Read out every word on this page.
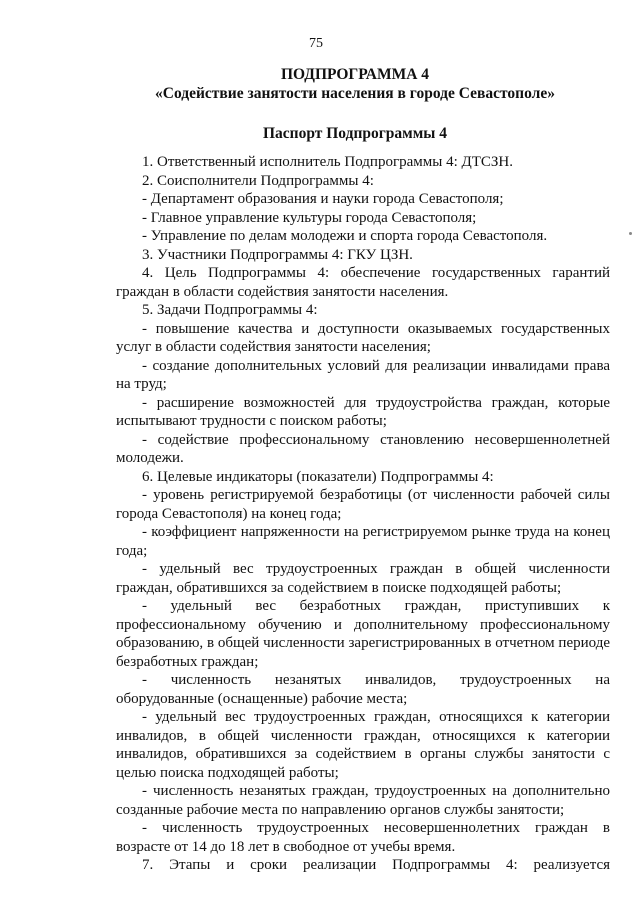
75
ПОДПРОГРАММА 4
«Содействие занятости населения в городе Севастополе»
Паспорт Подпрограммы 4

1. Ответственный исполнитель Подпрограммы 4: ДТСЗН.

2. Соисполнители Подпрограммы 4:

- Департамент образования и науки города Севастополя;

- Главное управление культуры города Севастополя;

- Управление по делам молодежи и спорта города Севастополя.

3. Участники Подпрограммы 4: ГКУ ЦЗН.

4. Цель Подпрограммы 4: обеспечение государственных гарантий граждан в области содействия занятости населения.

5. Задачи Подпрограммы 4:

- повышение качества и доступности оказываемых государственных услуг в области содействия занятости населения;

- создание дополнительных условий для реализации инвалидами права на труд;

- расширение возможностей для трудоустройства граждан, которые испытывают трудности с поиском работы;

- содействие профессиональному становлению несовершеннолетней молодежи.

6. Целевые индикаторы (показатели) Подпрограммы 4:

- уровень регистрируемой безработицы (от численности рабочей силы города Севастополя) на конец года;

- коэффициент напряженности на регистрируемом рынке труда на конец года;

- удельный вес трудоустроенных граждан в общей численности граждан, обратившихся за содействием в поиске подходящей работы;

- удельный вес безработных граждан, приступивших к профессиональному обучению и дополнительному профессиональному образованию, в общей численности зарегистрированных в отчетном периоде безработных граждан;

- численность незанятых инвалидов, трудоустроенных на оборудованные (оснащенные) рабочие места;

- удельный вес трудоустроенных граждан, относящихся к категории инвалидов, в общей численности граждан, относящихся к категории инвалидов, обратившихся за содействием в органы службы занятости с целью поиска подходящей работы;

- численность незанятых граждан, трудоустроенных на дополнительно созданные рабочие места по направлению органов службы занятости;

- численность трудоустроенных несовершеннолетних граждан в возрасте от 14 до 18 лет в свободное от учебы время.

7. Этапы и сроки реализации Подпрограммы 4: реализуется
